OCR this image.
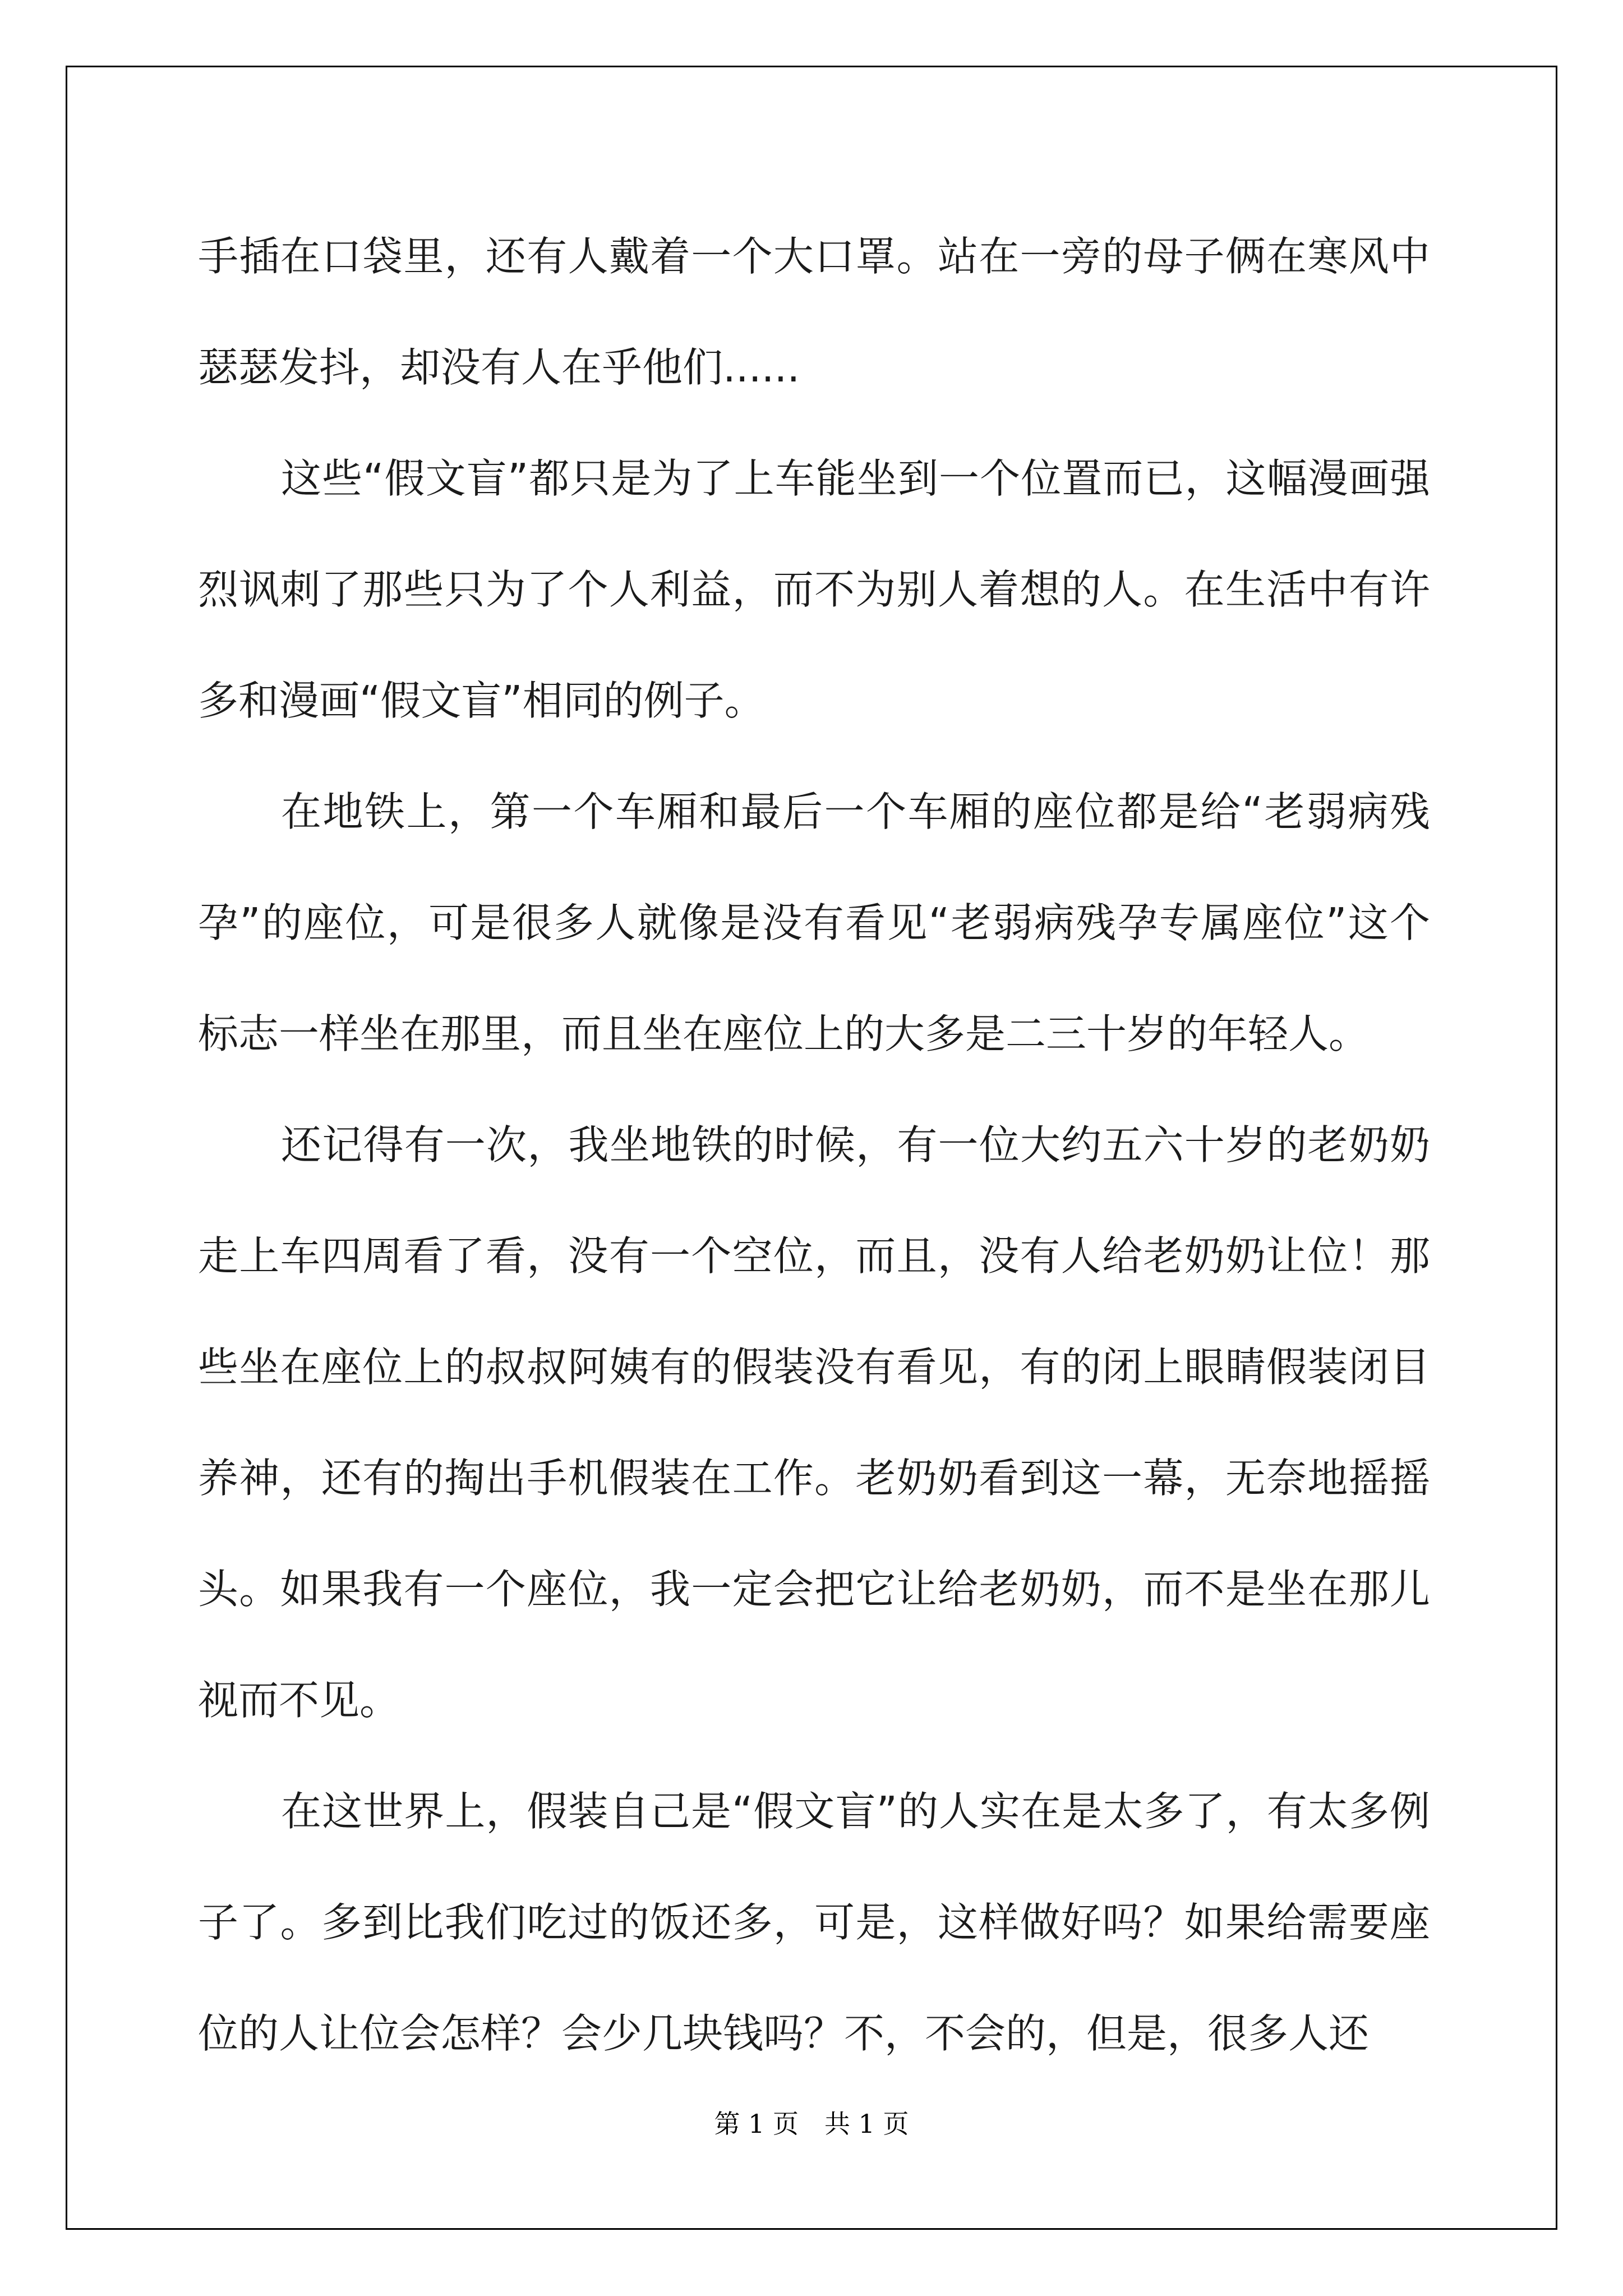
手插在口袋里，还有人戴着一个大口罩。站在一旁的母子俩在寒风中瑟瑟发抖，却没有人在乎他们......

这些“假文盲”都只是为了上车能坐到一个位置而已，这幅漫画强烈讽刺了那些只为了个人利益，而不为别人着想的人。在生活中有许多和漫画“假文盲”相同的例子。

在地铁上，第一个车厢和最后一个车厢的座位都是给“老弱病残孕”的座位，可是很多人就像是没有看见“老弱病残孕专属座位”这个标志一样坐在那里，而且坐在座位上的大多是二三十岁的年轻人。

还记得有一次，我坐地铁的时候，有一位大约五六十岁的老奶奶走上车四周看了看，没有一个空位，而且，没有人给老奶奶让位！那些坐在座位上的叔叔阿姨有的假装没有看见，有的闭上眼睛假装闭目养神，还有的掏出手机假装在工作。老奶奶看到这一幕，无奈地摇摇头。如果我有一个座位，我一定会把它让给老奶奶，而不是坐在那儿视而不见。

在这世界上，假装自己是“假文盲”的人实在是太多了，有太多例子了。多到比我们吃过的饭还多，可是，这样做好吗？如果给需要座位的人让位会怎样？会少几块钱吗？不，不会的，但是，很多人还

第 1 页　共 1 页
